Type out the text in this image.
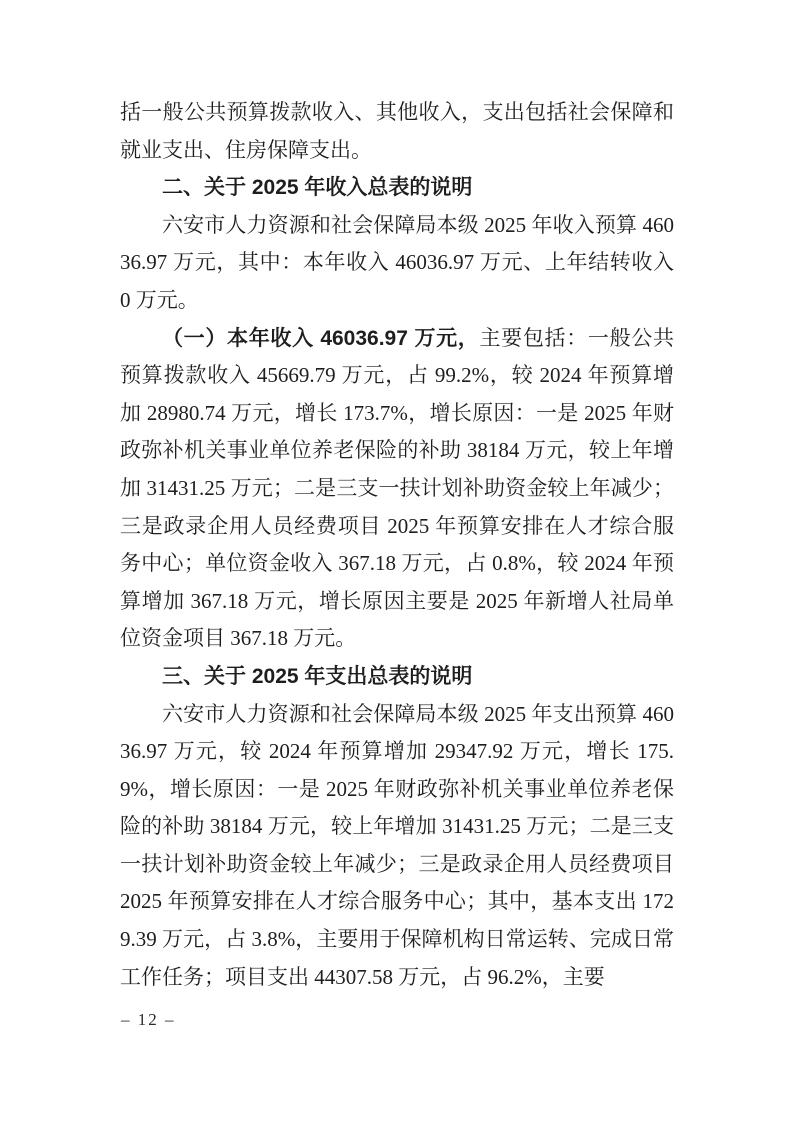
括一般公共预算拨款收入、其他收入，支出包括社会保障和就业支出、住房保障支出。

二、关于 2025 年收入总表的说明

六安市人力资源和社会保障局本级 2025 年收入预算 46036.97 万元，其中：本年收入 46036.97 万元、上年结转收入 0 万元。

（一）本年收入 46036.97 万元，主要包括：一般公共预算拨款收入 45669.79 万元，占 99.2%，较 2024 年预算增加 28980.74 万元，增长 173.7%，增长原因：一是 2025 年财政弥补机关事业单位养老保险的补助 38184 万元，较上年增加 31431.25 万元；二是三支一扶计划补助资金较上年减少；三是政录企用人员经费项目 2025 年预算安排在人才综合服务中心；单位资金收入 367.18 万元，占 0.8%，较 2024 年预算增加 367.18 万元，增长原因主要是 2025 年新增人社局单位资金项目 367.18 万元。

三、关于 2025 年支出总表的说明

六安市人力资源和社会保障局本级 2025 年支出预算 46036.97 万元，较 2024 年预算增加 29347.92 万元，增长 175.9%，增长原因：一是 2025 年财政弥补机关事业单位养老保险的补助 38184 万元，较上年增加 31431.25 万元；二是三支一扶计划补助资金较上年减少；三是政录企用人员经费项目 2025 年预算安排在人才综合服务中心；其中，基本支出 1729.39 万元，占 3.8%，主要用于保障机构日常运转、完成日常工作任务；项目支出 44307.58 万元，占 96.2%，主要

– 12 –
